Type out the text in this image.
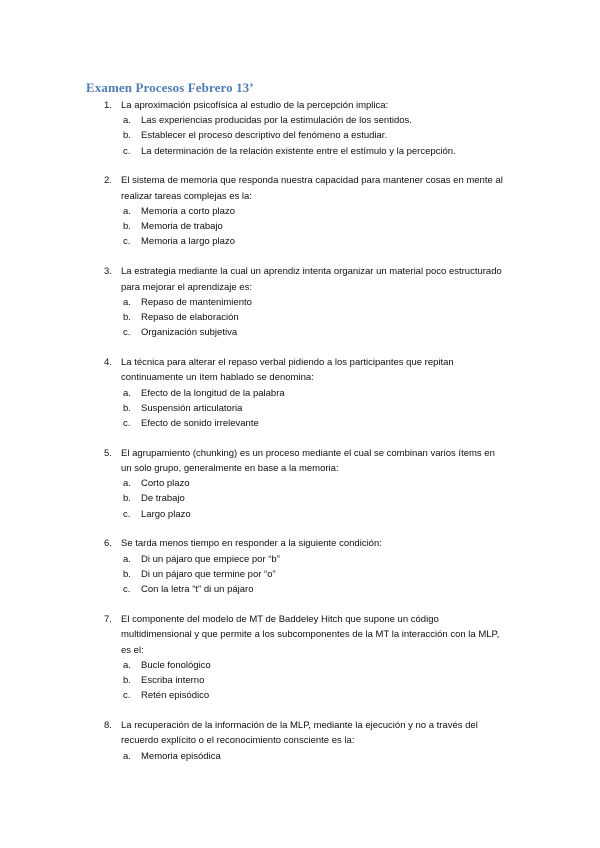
Examen Procesos Febrero 13’
1. La aproximación psicofísica al estudio de la percepción implica:
a. Las experiencias producidas por la estimulación de los sentidos.
b. Establecer el proceso descriptivo del fenómeno a estudiar.
c. La determinación de la relación existente entre el estímulo y la percepción.
2. El sistema de memoria que responda nuestra capacidad para mantener cosas en mente al realizar tareas complejas es la:
a. Memoria a corto plazo
b. Memoria de trabajo
c. Memoria a largo plazo
3. La estrategia mediante la cual un aprendiz intenta organizar un material poco estructurado para mejorar el aprendizaje es:
a. Repaso de mantenimiento
b. Repaso de elaboración
c. Organización subjetiva
4. La técnica para alterar el repaso verbal pidiendo a los participantes que repitan continuamente un ítem hablado se denomina:
a. Efecto de la longitud de la palabra
b. Suspensión articulatoria
c. Efecto de sonido irrelevante
5. El agrupamiento (chunking) es un proceso mediante el cual se combinan varios ítems en un solo grupo, generalmente en base a la memoria:
a. Corto plazo
b. De trabajo
c. Largo plazo
6. Se tarda menos tiempo en responder a la siguiente condición:
a. Di un pájaro que empiece por “b”
b. Di un pájaro que termine por “o”
c. Con la letra “t” di un pájaro
7. El componente del modelo de MT de Baddeley Hitch que supone un código multidimensional y que permite a los subcomponentes de la MT la interacción con la MLP, es el:
a. Bucle fonológico
b. Escriba interno
c. Retén episódico
8. La recuperación de la información de la MLP, mediante la ejecución y no a través del recuerdo explícito o el reconocimiento consciente es la:
a. Memoria episódica
